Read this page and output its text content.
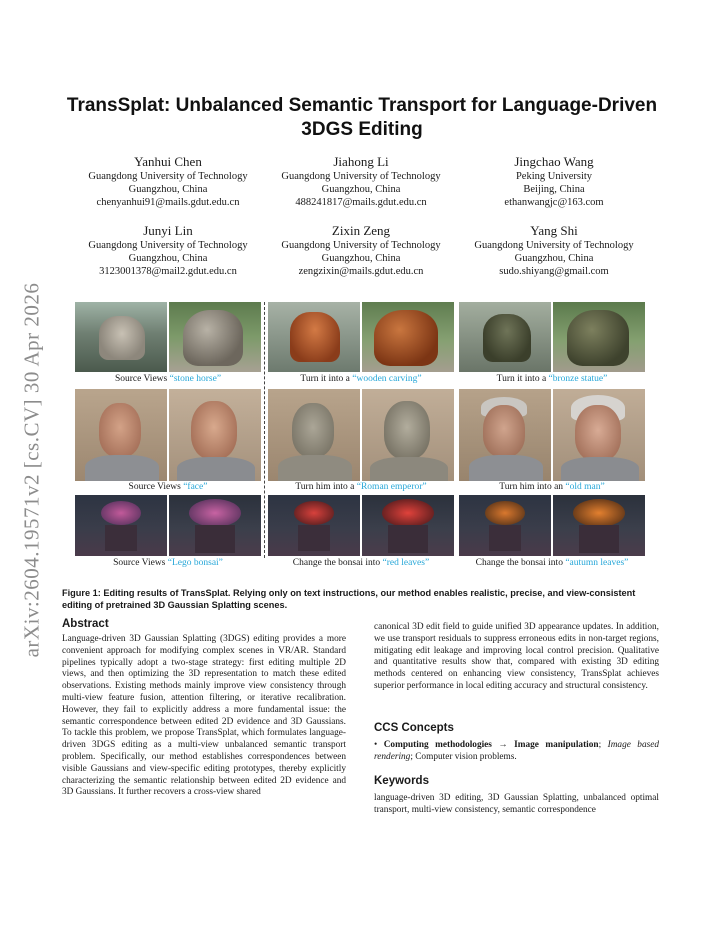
arXiv:2604.19571v2 [cs.CV] 30 Apr 2026
TransSplat: Unbalanced Semantic Transport for Language-Driven 3DGS Editing
Yanhui Chen
Guangdong University of Technology
Guangzhou, China
chenyanhui91@mails.gdut.edu.cn
Jiahong Li
Guangdong University of Technology
Guangzhou, China
488241817@mails.gdut.edu.cn
Jingchao Wang
Peking University
Beijing, China
ethanwangjc@163.com
Junyi Lin
Guangdong University of Technology
Guangzhou, China
3123001378@mail2.gdut.edu.cn
Zixin Zeng
Guangdong University of Technology
Guangzhou, China
zengzixin@mails.gdut.edu.cn
Yang Shi
Guangdong University of Technology
Guangzhou, China
sudo.shiyang@gmail.com
Source Views “stone horse”	Turn it into a “wooden carving”	Turn it into a “bronze statue”
Source Views “face”	Turn him into a “Roman emperor”	Turn him into an “old man”
Source Views “Lego bonsai”	Change the bonsai into “red leaves”	Change the bonsai into “autumn leaves”
Figure 1: Editing results of TransSplat. Relying only on text instructions, our method enables realistic, precise, and view-consistent editing of pretrained 3D Gaussian Splatting scenes.
Abstract
Language-driven 3D Gaussian Splatting (3DGS) editing provides a more convenient approach for modifying complex scenes in VR/AR. Standard pipelines typically adopt a two-stage strategy: first editing multiple 2D views, and then optimizing the 3D representation to match these edited observations. Existing methods mainly improve view consistency through multi-view feature fusion, attention filtering, or iterative recalibration. However, they fail to explicitly address a more fundamental issue: the semantic correspondence between edited 2D evidence and 3D Gaussians. To tackle this problem, we propose TransSplat, which formulates language-driven 3DGS editing as a multi-view unbalanced semantic transport problem. Specifically, our method establishes correspondences between visible Gaussians and view-specific editing prototypes, thereby explicitly characterizing the semantic relationship between edited 2D evidence and 3D Gaussians. It further recovers a cross-view shared
CCS Concepts
• Computing methodologies → Image manipulation; Image based rendering; Computer vision problems.
Keywords
language-driven 3D editing, 3D Gaussian Splatting, unbalanced optimal transport, multi-view consistency, semantic correspondence
canonical 3D edit field to guide unified 3D appearance updates. In addition, we use transport residuals to suppress erroneous edits in non-target regions, mitigating edit leakage and improving local control precision. Qualitative and quantitative results show that, compared with existing 3D editing methods centered on enhancing view consistency, TransSplat achieves superior performance in local editing accuracy and structural consistency.
